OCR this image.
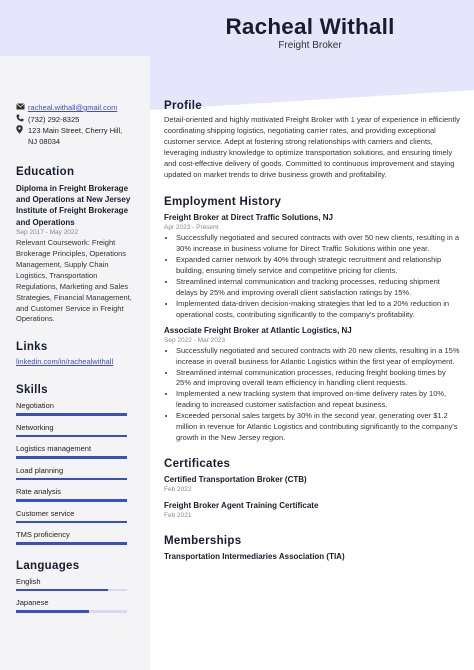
Racheal Withall
Freight Broker
racheal.withall@gmail.com
(732) 292-8325
123 Main Street, Cherry Hill,
NJ 08034
Education
Diploma in Freight Brokerage and Operations at New Jersey Institute of Freight Brokerage and Operations
Sep 2017 - May 2022
Relevant Coursework: Freight Brokerage Principles, Operations Management, Supply Chain Logistics, Transportation Regulations, Marketing and Sales Strategies, Financial Management, and Customer Service in Freight Operations.
Links
linkedin.com/in/rachealwithall
Skills
Negotiation
Networking
Logistics management
Load planning
Rate analysis
Customer service
TMS proficiency
Languages
English
Japanese
Profile
Detail-oriented and highly motivated Freight Broker with 1 year of experience in efficiently coordinating shipping logistics, negotiating carrier rates, and providing exceptional customer service. Adept at fostering strong relationships with carriers and clients, leveraging industry knowledge to optimize transportation solutions, and ensuring timely and cost-effective delivery of goods. Committed to continuous improvement and staying updated on market trends to drive business growth and profitability.
Employment History
Freight Broker at Direct Traffic Solutions, NJ
Apr 2023 - Present
• Successfully negotiated and secured contracts with over 50 new clients, resulting in a 30% increase in business volume for Direct Traffic Solutions within one year.
• Expanded carrier network by 40% through strategic recruitment and relationship building, ensuring timely service and competitive pricing for clients.
• Streamlined internal communication and tracking processes, reducing shipment delays by 25% and improving overall client satisfaction ratings by 15%.
• Implemented data-driven decision-making strategies that led to a 20% reduction in operational costs, contributing significantly to the company's profitability.
Associate Freight Broker at Atlantic Logistics, NJ
Sep 2022 - Mar 2023
• Successfully negotiated and secured contracts with 20 new clients, resulting in a 15% increase in overall business for Atlantic Logistics within the first year of employment.
• Streamlined internal communication processes, reducing freight booking times by 25% and improving overall team efficiency in handling client requests.
• Implemented a new tracking system that improved on-time delivery rates by 10%, leading to increased customer satisfaction and repeat business.
• Exceeded personal sales targets by 30% in the second year, generating over $1.2 million in revenue for Atlantic Logistics and contributing significantly to the company's growth in the New Jersey region.
Certificates
Certified Transportation Broker (CTB)
Feb 2022
Freight Broker Agent Training Certificate
Feb 2021
Memberships
Transportation Intermediaries Association (TIA)
